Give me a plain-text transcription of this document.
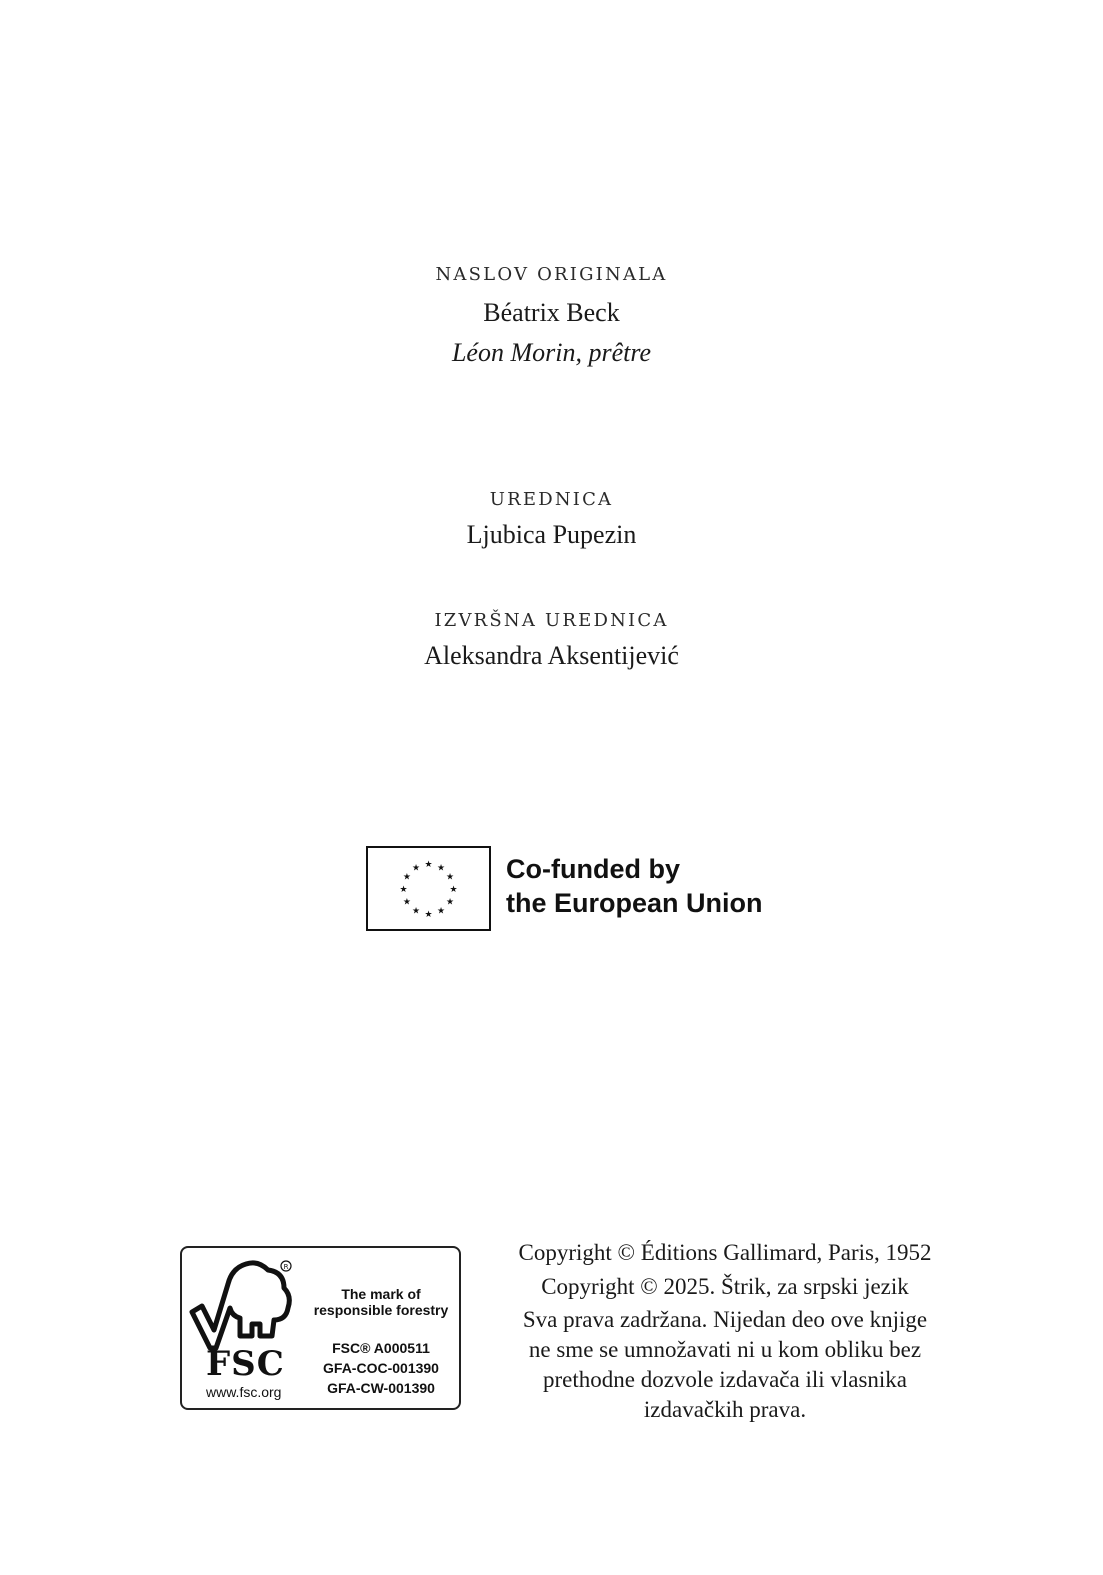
NASLOV ORIGINALA
Béatrix Beck
Léon Morin, prêtre
UREDNICA
Ljubica Pupezin
IZVRŠNA UREDNICA
Aleksandra Aksentijević
★ ★
★
★
★
★
★
★
★
★
★
★	Co-funded by
the European Union
R
FSC
www.fsc.org
The mark of
responsible forestry
FSC® A000511
GFA-COC-001390
GFA-CW-001390
Copyright © Éditions Gallimard, Paris, 1952
Copyright © 2025. Štrik, za srpski jezik
Sva prava zadržana. Nijedan deo ove knjige
ne sme se umnožavati ni u kom obliku bez
prethodne dozvole izdavača ili vlasnika
izdavačkih prava.
